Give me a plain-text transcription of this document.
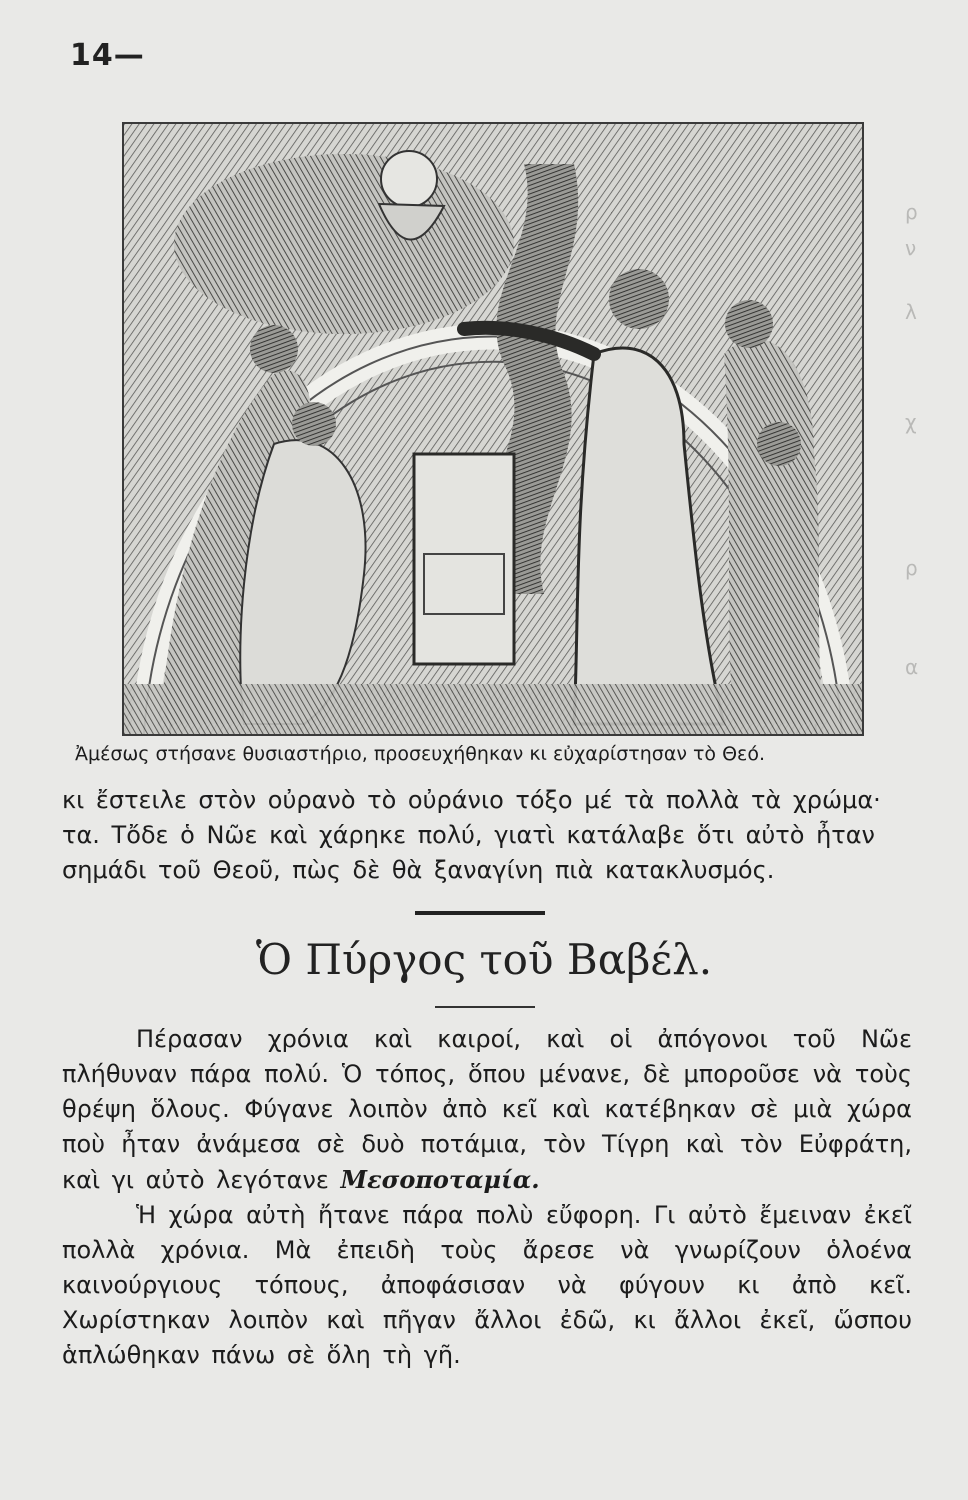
ρ
ν
λ
χ
ρ
α
14—
Ἀμέσως στήσανε θυσιαστήριο, προσευχήθηκαν κι εὐχαρίστησαν τὸ Θεό.

κι ἔστειλε στὸν οὐρανὸ τὸ οὐράνιο τόξο μέ τὰ πολλὰ τὰ χρώμα·

τα. Τὄδε ὁ Νῶε καὶ χάρηκε πολύ, γιατὶ κατάλαβε ὅτι αὐτὸ ἦταν

σημάδι τοῦ Θεοῦ, πὼς δὲ θὰ ξαναγίνη πιὰ κατακλυσμός.

Ὁ Πύργος τοῦ Βαβέλ.

Πέρασαν χρόνια καὶ καιροί, καὶ οἱ ἀπόγονοι τοῦ Νῶε πλήθυναν πάρα πολύ. Ὁ τόπος, ὅπου μένανε, δὲ μποροῦσε νὰ τοὺς θρέψη ὅλους. Φύγανε λοιπὸν ἀπὸ κεῖ καὶ κατέβηκαν σὲ μιὰ χώρα ποὺ ἦταν ἀνάμεσα σὲ δυὸ ποτάμια, τὸν Τίγρη καὶ τὸν Εὐφράτη, καὶ γι αὐτὸ λεγότανε Μεσοποταμία.

Ἡ χώρα αὐτὴ ἤτανε πάρα πολὺ εὔφορη. Γι αὐτὸ ἔμειναν ἐκεῖ πολλὰ χρόνια. Μὰ ἐπειδὴ τοὺς ἄρεσε νὰ γνωρίζουν ὁλοένα καινούργιους τόπους, ἀποφάσισαν νὰ φύγουν κι ἀπὸ κεῖ. Χωρίστηκαν λοιπὸν καὶ πῆγαν ἄλλοι ἐδῶ, κι ἄλλοι ἐκεῖ, ὥσπου ἁπλώθηκαν πάνω σὲ ὅλη τὴ γῆ.
